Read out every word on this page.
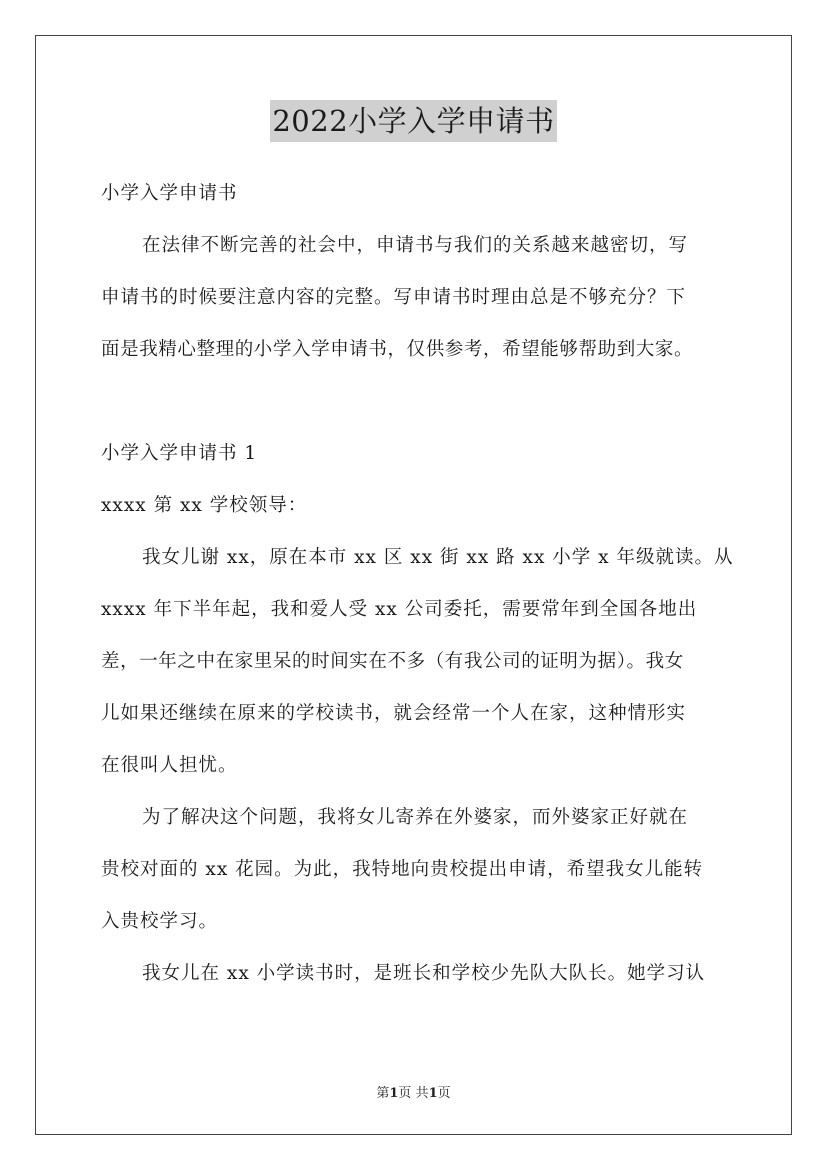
2022小学入学申请书
小学入学申请书
在法律不断完善的社会中，申请书与我们的关系越来越密切，写
申请书的时候要注意内容的完整。写申请书时理由总是不够充分？下
面是我精心整理的小学入学申请书，仅供参考，希望能够帮助到大家。
小学入学申请书 1
xxxx 第 xx 学校领导：
我女儿谢 xx，原在本市 xx 区 xx 街 xx 路 xx 小学 x 年级就读。从
xxxx 年下半年起，我和爱人受 xx 公司委托，需要常年到全国各地出
差，一年之中在家里呆的时间实在不多（有我公司的证明为据）。我女
儿如果还继续在原来的学校读书，就会经常一个人在家，这种情形实
在很叫人担忧。
为了解决这个问题，我将女儿寄养在外婆家，而外婆家正好就在
贵校对面的 xx 花园。为此，我特地向贵校提出申请，希望我女儿能转
入贵校学习。
我女儿在 xx 小学读书时，是班长和学校少先队大队长。她学习认
第1页 共1页
